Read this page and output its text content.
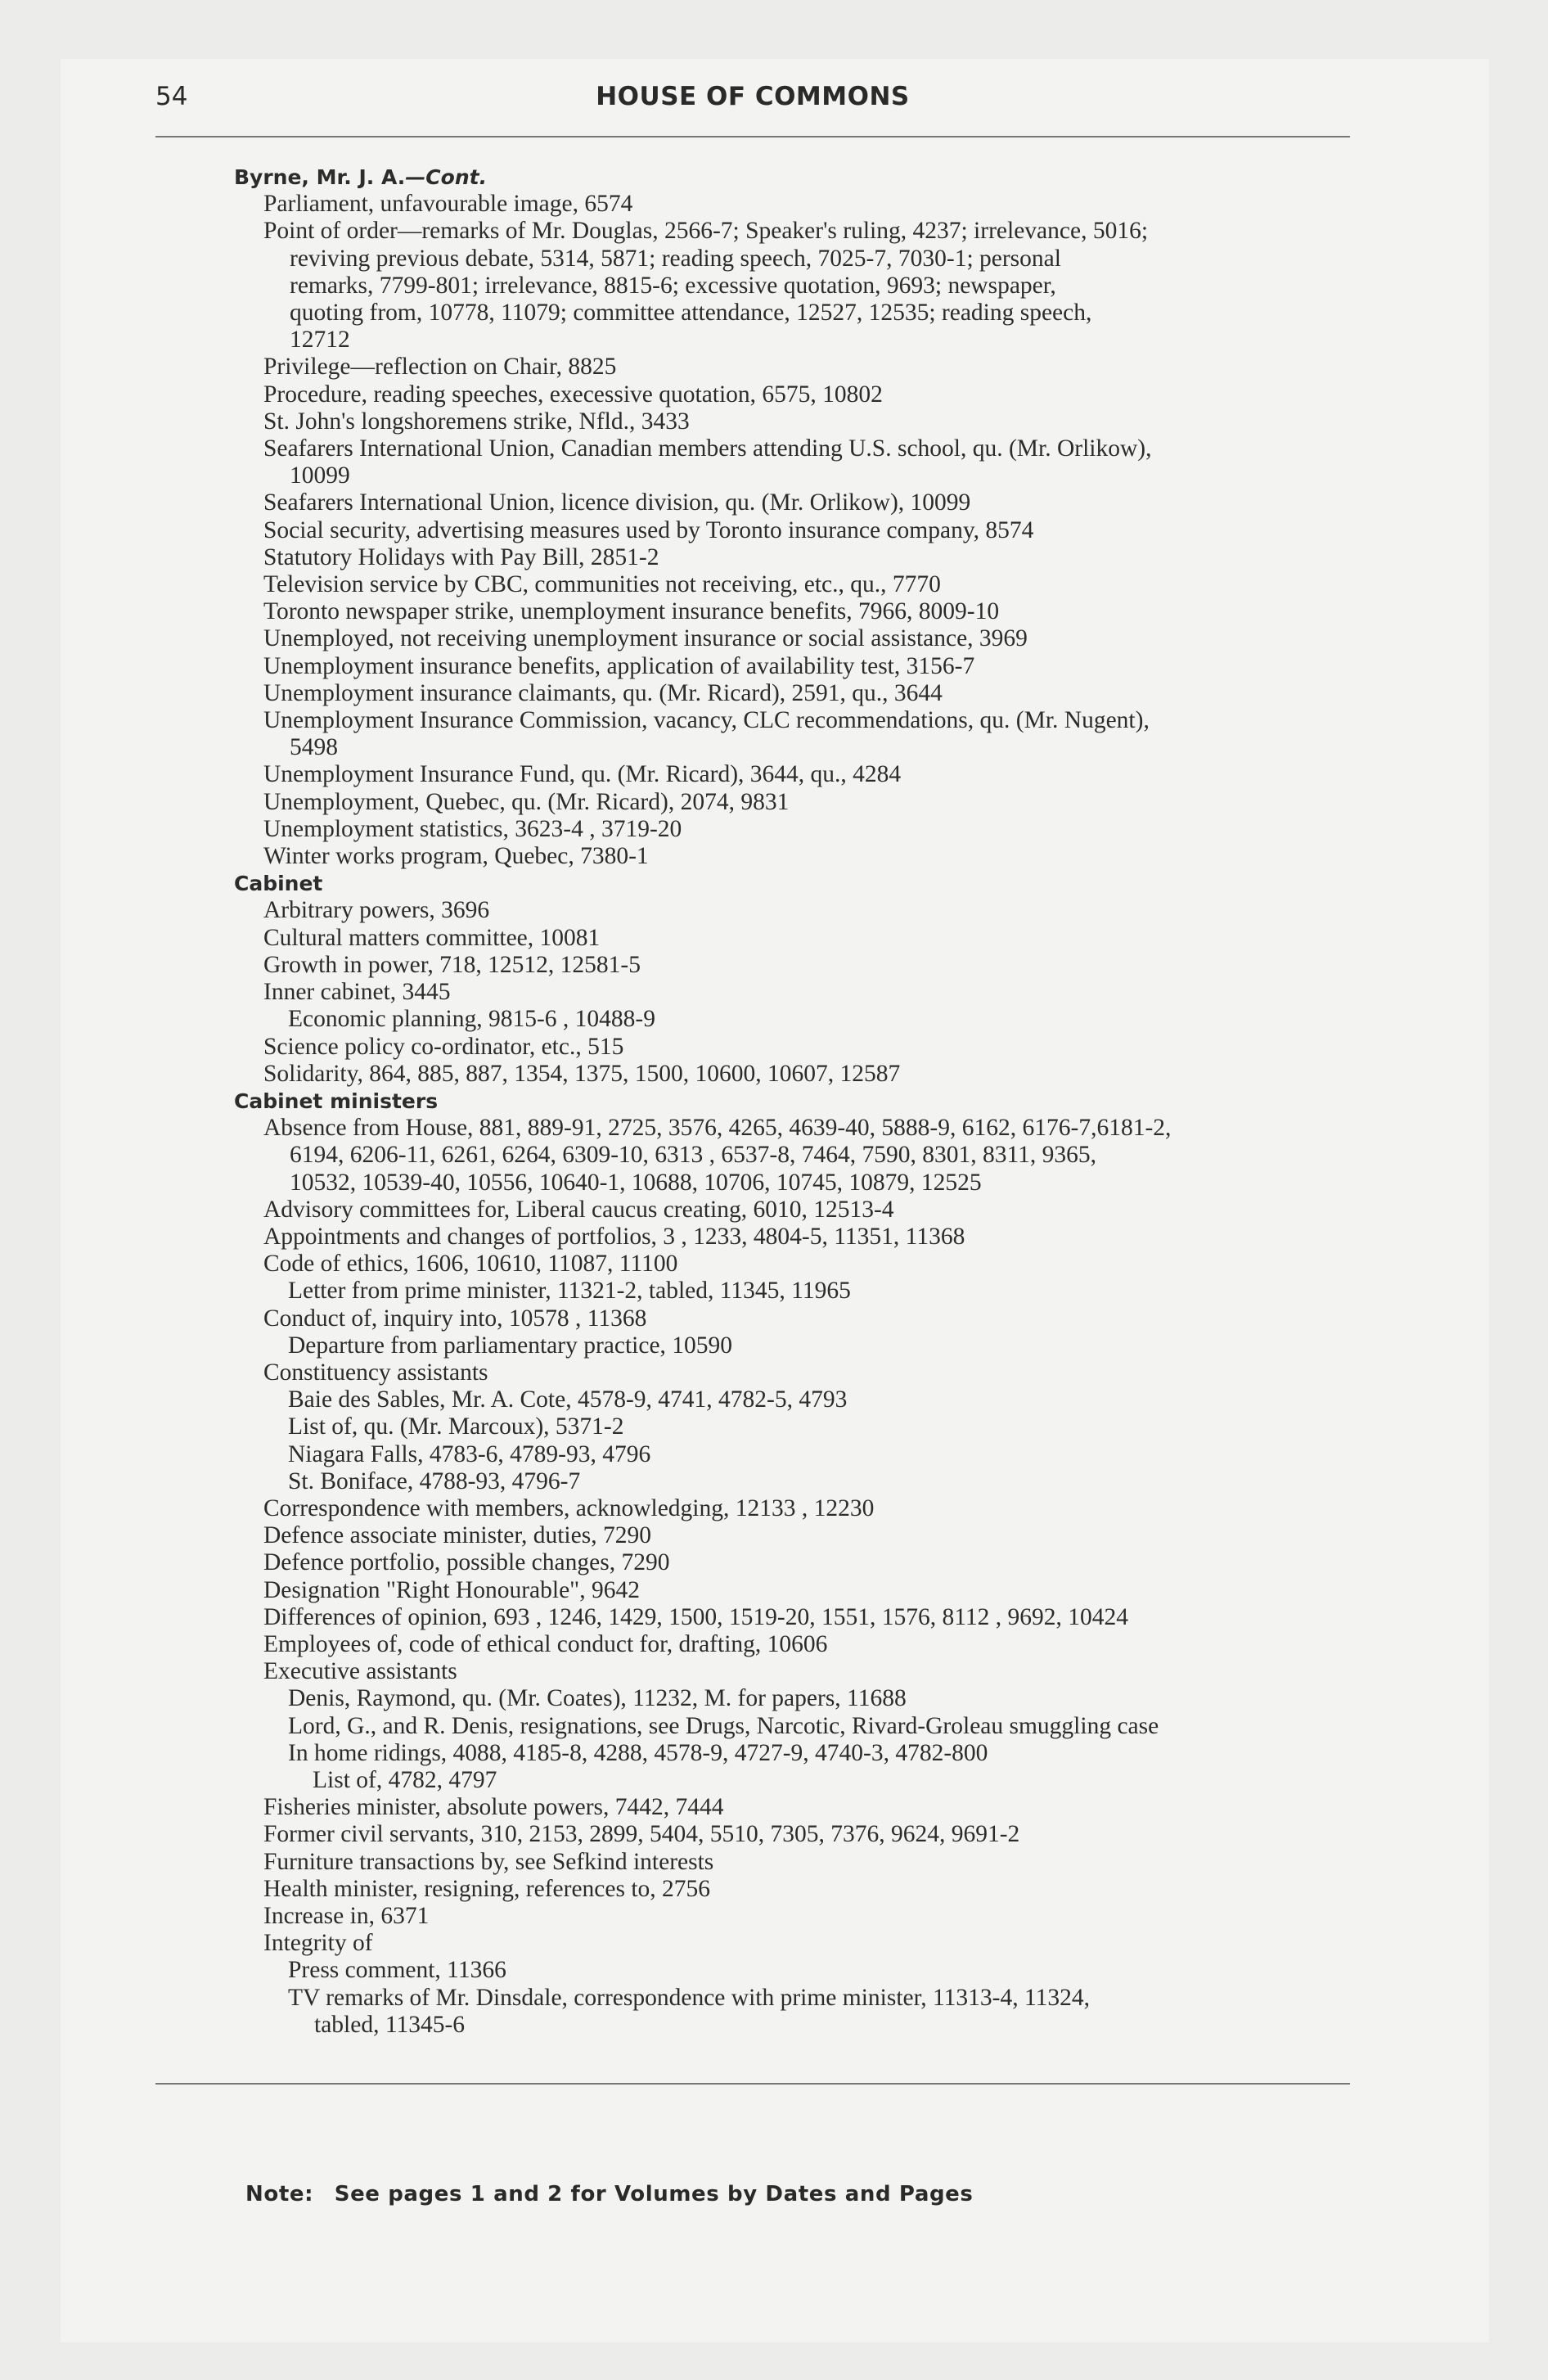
54	HOUSE OF COMMONS
Byrne, Mr. J. A.—Cont.
Parliament, unfavourable image, 6574
Point of order—remarks of Mr. Douglas, 2566-7; Speaker's ruling, 4237; irrelevance, 5016;
reviving previous debate, 5314, 5871; reading speech, 7025-7, 7030-1; personal
remarks, 7799-801; irrelevance, 8815-6; excessive quotation, 9693; newspaper,
quoting from, 10778, 11079; committee attendance, 12527, 12535; reading speech,
12712
Privilege—reflection on Chair, 8825
Procedure, reading speeches, execessive quotation, 6575, 10802
St. John's longshoremens strike, Nfld., 3433
Seafarers International Union, Canadian members attending U.S. school, qu. (Mr. Orlikow),
10099
Seafarers International Union, licence division, qu. (Mr. Orlikow), 10099
Social security, advertising measures used by Toronto insurance company, 8574
Statutory Holidays with Pay Bill, 2851-2
Television service by CBC, communities not receiving, etc., qu., 7770
Toronto newspaper strike, unemployment insurance benefits, 7966, 8009-10
Unemployed, not receiving unemployment insurance or social assistance, 3969
Unemployment insurance benefits, application of availability test, 3156-7
Unemployment insurance claimants, qu. (Mr. Ricard), 2591, qu., 3644
Unemployment Insurance Commission, vacancy, CLC recommendations, qu. (Mr. Nugent),
5498
Unemployment Insurance Fund, qu. (Mr. Ricard), 3644, qu., 4284
Unemployment, Quebec, qu. (Mr. Ricard), 2074, 9831
Unemployment statistics, 3623-4 , 3719-20
Winter works program, Quebec, 7380-1
Cabinet
Arbitrary powers, 3696
Cultural matters committee, 10081
Growth in power, 718, 12512, 12581-5
Inner cabinet, 3445
Economic planning, 9815-6 , 10488-9
Science policy co-ordinator, etc., 515
Solidarity, 864, 885, 887, 1354, 1375, 1500, 10600, 10607, 12587
Cabinet ministers
Absence from House, 881, 889-91, 2725, 3576, 4265, 4639-40, 5888-9, 6162, 6176-7,6181-2,
6194, 6206-11, 6261, 6264, 6309-10, 6313 , 6537-8, 7464, 7590, 8301, 8311, 9365,
10532, 10539-40, 10556, 10640-1, 10688, 10706, 10745, 10879, 12525
Advisory committees for, Liberal caucus creating, 6010, 12513-4
Appointments and changes of portfolios, 3 , 1233, 4804-5, 11351, 11368
Code of ethics, 1606, 10610, 11087, 11100
Letter from prime minister, 11321-2, tabled, 11345, 11965
Conduct of, inquiry into, 10578 , 11368
Departure from parliamentary practice, 10590
Constituency assistants
Baie des Sables, Mr. A. Cote, 4578-9, 4741, 4782-5, 4793
List of, qu. (Mr. Marcoux), 5371-2
Niagara Falls, 4783-6, 4789-93, 4796
St. Boniface, 4788-93, 4796-7
Correspondence with members, acknowledging, 12133 , 12230
Defence associate minister, duties, 7290
Defence portfolio, possible changes, 7290
Designation "Right Honourable", 9642
Differences of opinion, 693 , 1246, 1429, 1500, 1519-20, 1551, 1576, 8112 , 9692, 10424
Employees of, code of ethical conduct for, drafting, 10606
Executive assistants
Denis, Raymond, qu. (Mr. Coates), 11232, M. for papers, 11688
Lord, G., and R. Denis, resignations, see Drugs, Narcotic, Rivard-Groleau smuggling case
In home ridings, 4088, 4185-8, 4288, 4578-9, 4727-9, 4740-3, 4782-800
List of, 4782, 4797
Fisheries minister, absolute powers, 7442, 7444
Former civil servants, 310, 2153, 2899, 5404, 5510, 7305, 7376, 9624, 9691-2
Furniture transactions by, see Sefkind interests
Health minister, resigning, references to, 2756
Increase in, 6371
Integrity of
Press comment, 11366
TV remarks of Mr. Dinsdale, correspondence with prime minister, 11313-4, 11324,
tabled, 11345-6
Note: See pages 1 and 2 for Volumes by Dates and Pages
